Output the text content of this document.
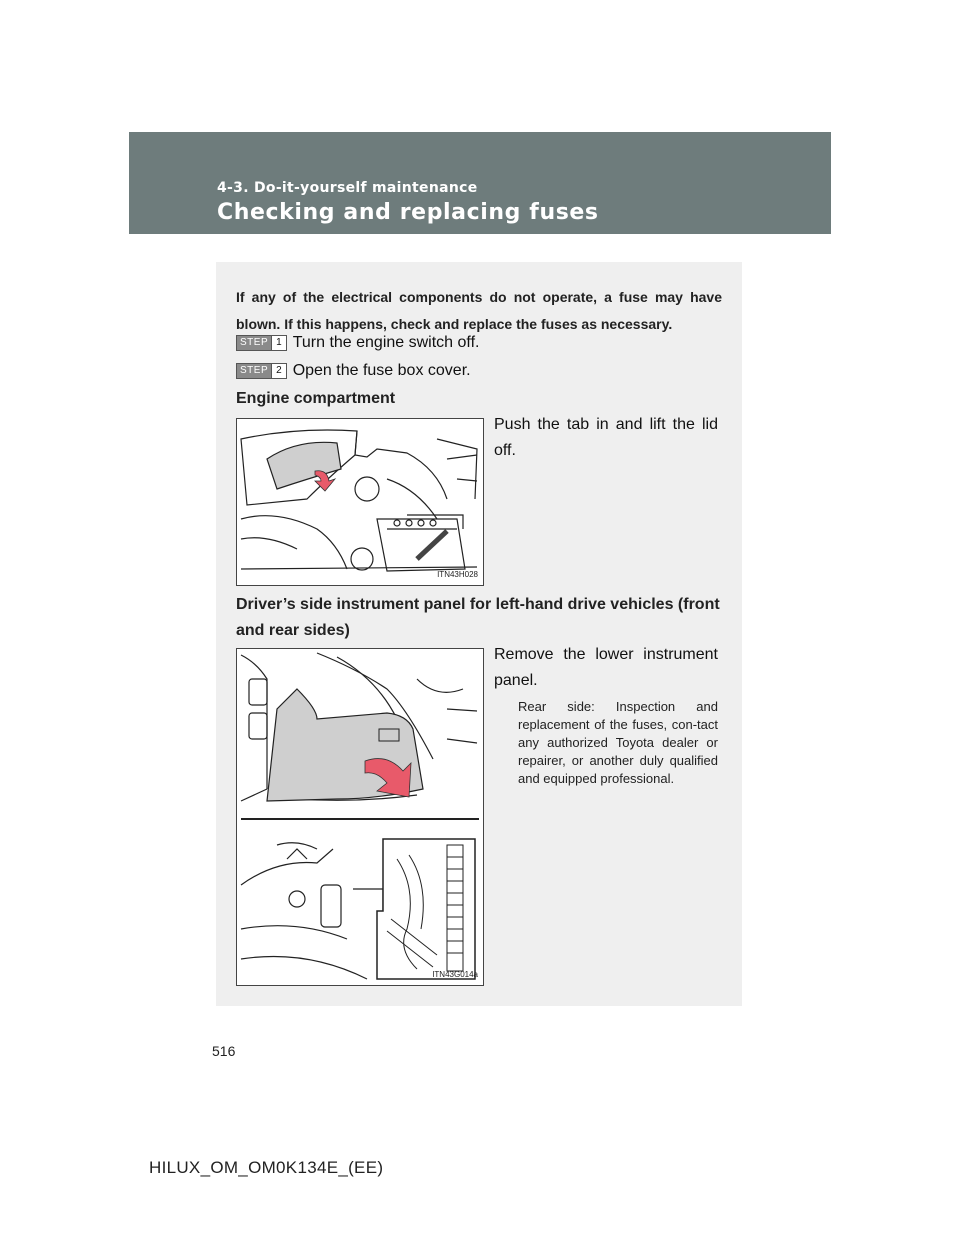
4-3. Do-it-yourself maintenance
Checking and replacing fuses
If any of the electrical components do not operate, a fuse may have blown. If this happens, check and replace the fuses as necessary.
STEP 1 Turn the engine switch off.
STEP 2 Open the fuse box cover.
Engine compartment
Push the tab in and lift the lid off.
ITN43H028
Driver’s side instrument panel for left-hand drive vehicles (front and rear sides)
Remove the lower instrument panel.
Rear side: Inspection and replacement of the fuses, con-tact any authorized Toyota dealer or repairer, or another duly qualified and equipped professional.
ITN43G014a
516
HILUX_OM_OM0K134E_(EE)
